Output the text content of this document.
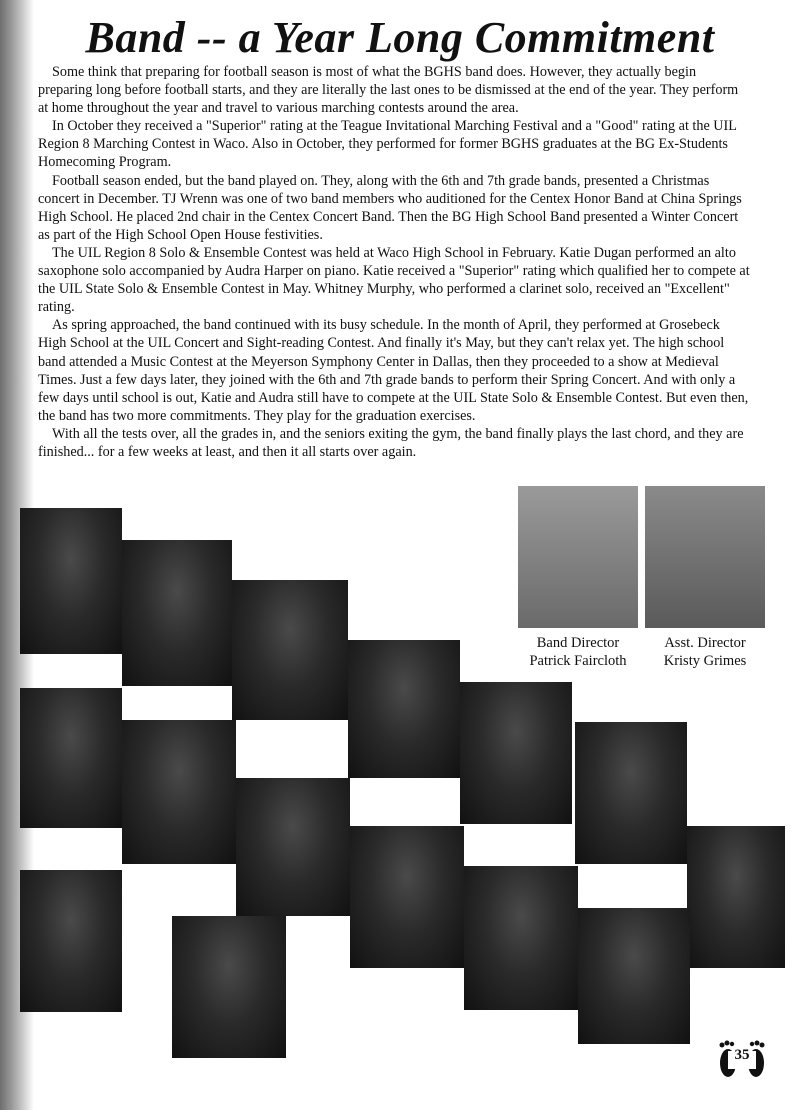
Band -- a Year Long Commitment

Some think that preparing for football season is most of what the BGHS band does. However, they actually begin preparing long before football starts, and they are literally the last ones to be dismissed at the end of the year. They perform at home throughout the year and travel to various marching contests around the area.

In October they received a "Superior" rating at the Teague Invitational Marching Festival and a "Good" rating at the UIL Region 8 Marching Contest in Waco. Also in October, they performed for former BGHS graduates at the BG Ex-Students Homecoming Program.

Football season ended, but the band played on. They, along with the 6th and 7th grade bands, presented a Christmas concert in December. TJ Wrenn was one of two band members who auditioned for the Centex Honor Band at China Springs High School. He placed 2nd chair in the Centex Concert Band. Then the BG High School Band presented a Winter Concert as part of the High School Open House festivities.

The UIL Region 8 Solo & Ensemble Contest was held at Waco High School in February. Katie Dugan performed an alto saxophone solo accompanied by Audra Harper on piano. Katie received a "Superior" rating which qualified her to compete at the UIL State Solo & Ensemble Contest in May. Whitney Murphy, who performed a clarinet solo, received an "Excellent" rating.

As spring approached, the band continued with its busy schedule. In the month of April, they performed at Grosebeck High School at the UIL Concert and Sight-reading Contest. And finally it's May, but they can't relax yet. The high school band attended a Music Contest at the Meyerson Symphony Center in Dallas, then they proceeded to a show at Medieval Times. Just a few days later, they joined with the 6th and 7th grade bands to perform their Spring Concert. And with only a few days until school is out, Katie and Audra still have to compete at the UIL State Solo & Ensemble Contest. But even then, the band has two more commitments. They play for the graduation exercises.

With all the tests over, all the grades in, and the seniors exiting the gym, the band finally plays the last chord, and they are finished... for a few weeks at least, and then it all starts over again.

Band Director
Patrick Faircloth
Asst. Director
Kristy Grimes
35
